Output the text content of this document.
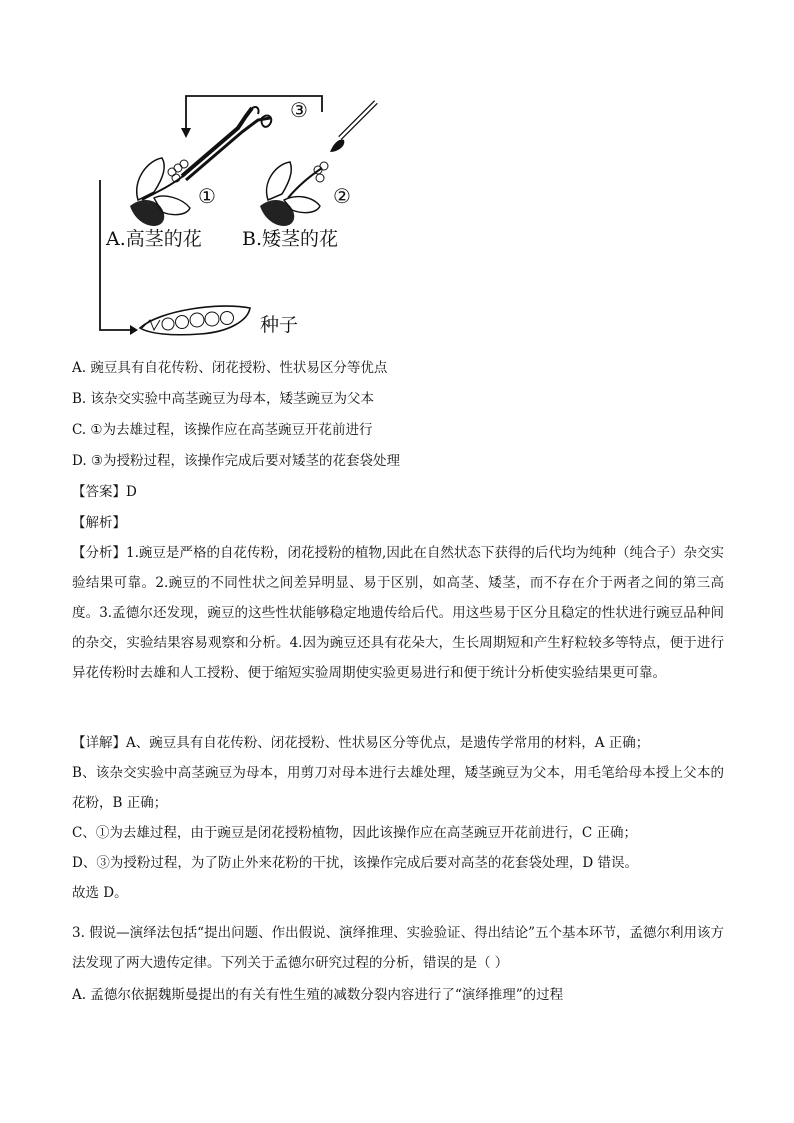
①	②
③
A.高茎的花 B.矮茎的花
种子
A. 豌豆具有自花传粉、闭花授粉、性状易区分等优点
B. 该杂交实验中高茎豌豆为母本，矮茎豌豆为父本
C. ①为去雄过程，该操作应在高茎豌豆开花前进行
D. ③为授粉过程，该操作完成后要对矮茎的花套袋处理
【答案】D
【解析】
【分析】1.豌豆是严格的自花传粉，闭花授粉的植物,因此在自然状态下获得的后代均为纯种（纯合子）杂交实验结果可靠。2.豌豆的不同性状之间差异明显、易于区别，如高茎、矮茎，而不存在介于两者之间的第三高度。3.孟德尔还发现，豌豆的这些性状能够稳定地遗传给后代。用这些易于区分且稳定的性状进行豌豆品种间的杂交，实验结果容易观察和分析。4.因为豌豆还具有花朵大，生长周期短和产生籽粒较多等特点，便于进行异花传粉时去雄和人工授粉、便于缩短实验周期使实验更易进行和便于统计分析使实验结果更可靠。
【详解】A、豌豆具有自花传粉、闭花授粉、性状易区分等优点，是遗传学常用的材料，A 正确；
B、该杂交实验中高茎豌豆为母本，用剪刀对母本进行去雄处理，矮茎豌豆为父本，用毛笔给母本授上父本的花粉，B 正确；
C、①为去雄过程，由于豌豆是闭花授粉植物，因此该操作应在高茎豌豆开花前进行，C 正确；
D、③为授粉过程，为了防止外来花粉的干扰，该操作完成后要对高茎的花套袋处理，D 错误。
故选 D。
3. 假说—演绎法包括“提出问题、作出假说、演绎推理、实验验证、得出结论”五个基本环节，孟德尔利用该方法发现了两大遗传定律。下列关于孟德尔研究过程的分析，错误的是（ ）
A. 孟德尔依据魏斯曼提出的有关有性生殖的减数分裂内容进行了“演绎推理”的过程
